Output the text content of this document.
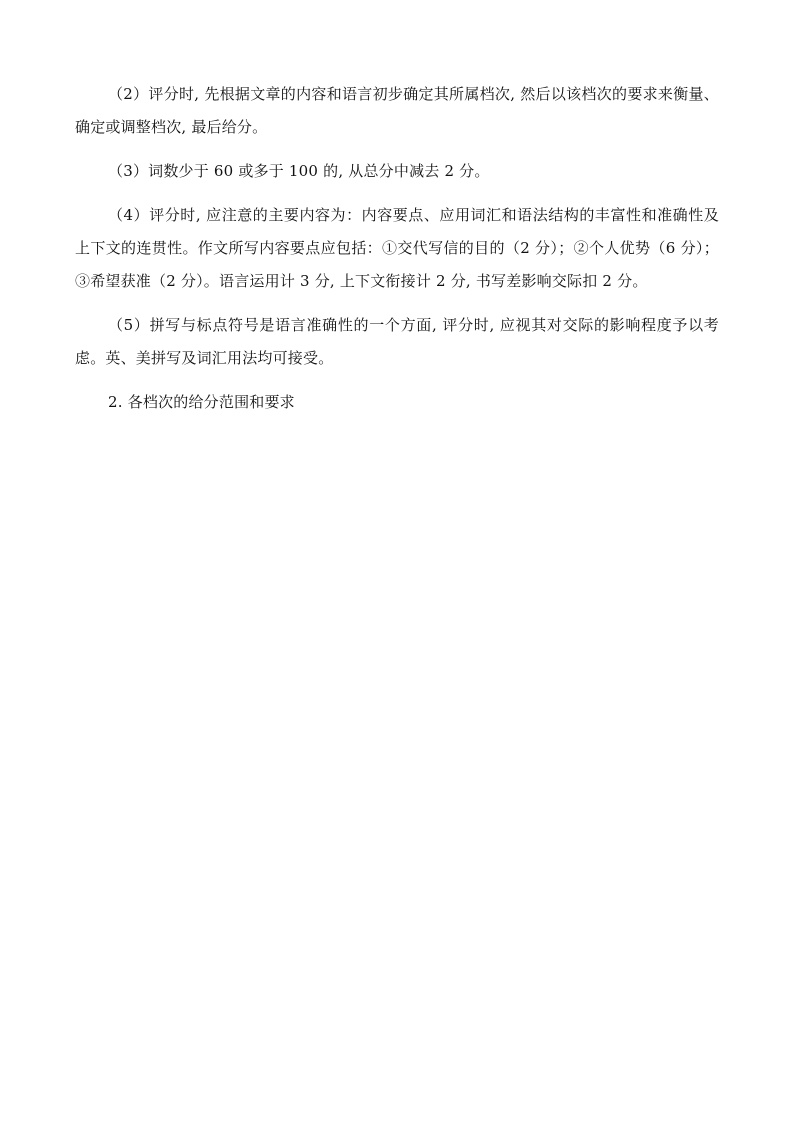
（2）评分时, 先根据文章的内容和语言初步确定其所属档次, 然后以该档次的要求来衡量、确定或调整档次, 最后给分。

（3）词数少于 60 或多于 100 的, 从总分中减去 2 分。

（4）评分时, 应注意的主要内容为：内容要点、应用词汇和语法结构的丰富性和准确性及上下文的连贯性。作文所写内容要点应包括：①交代写信的目的（2 分）；②个人优势（6 分）；③希望获准（2 分）。语言运用计 3 分, 上下文衔接计 2 分, 书写差影响交际扣 2 分。

（5）拼写与标点符号是语言准确性的一个方面, 评分时, 应视其对交际的影响程度予以考虑。英、美拼写及词汇用法均可接受。

2. 各档次的给分范围和要求
